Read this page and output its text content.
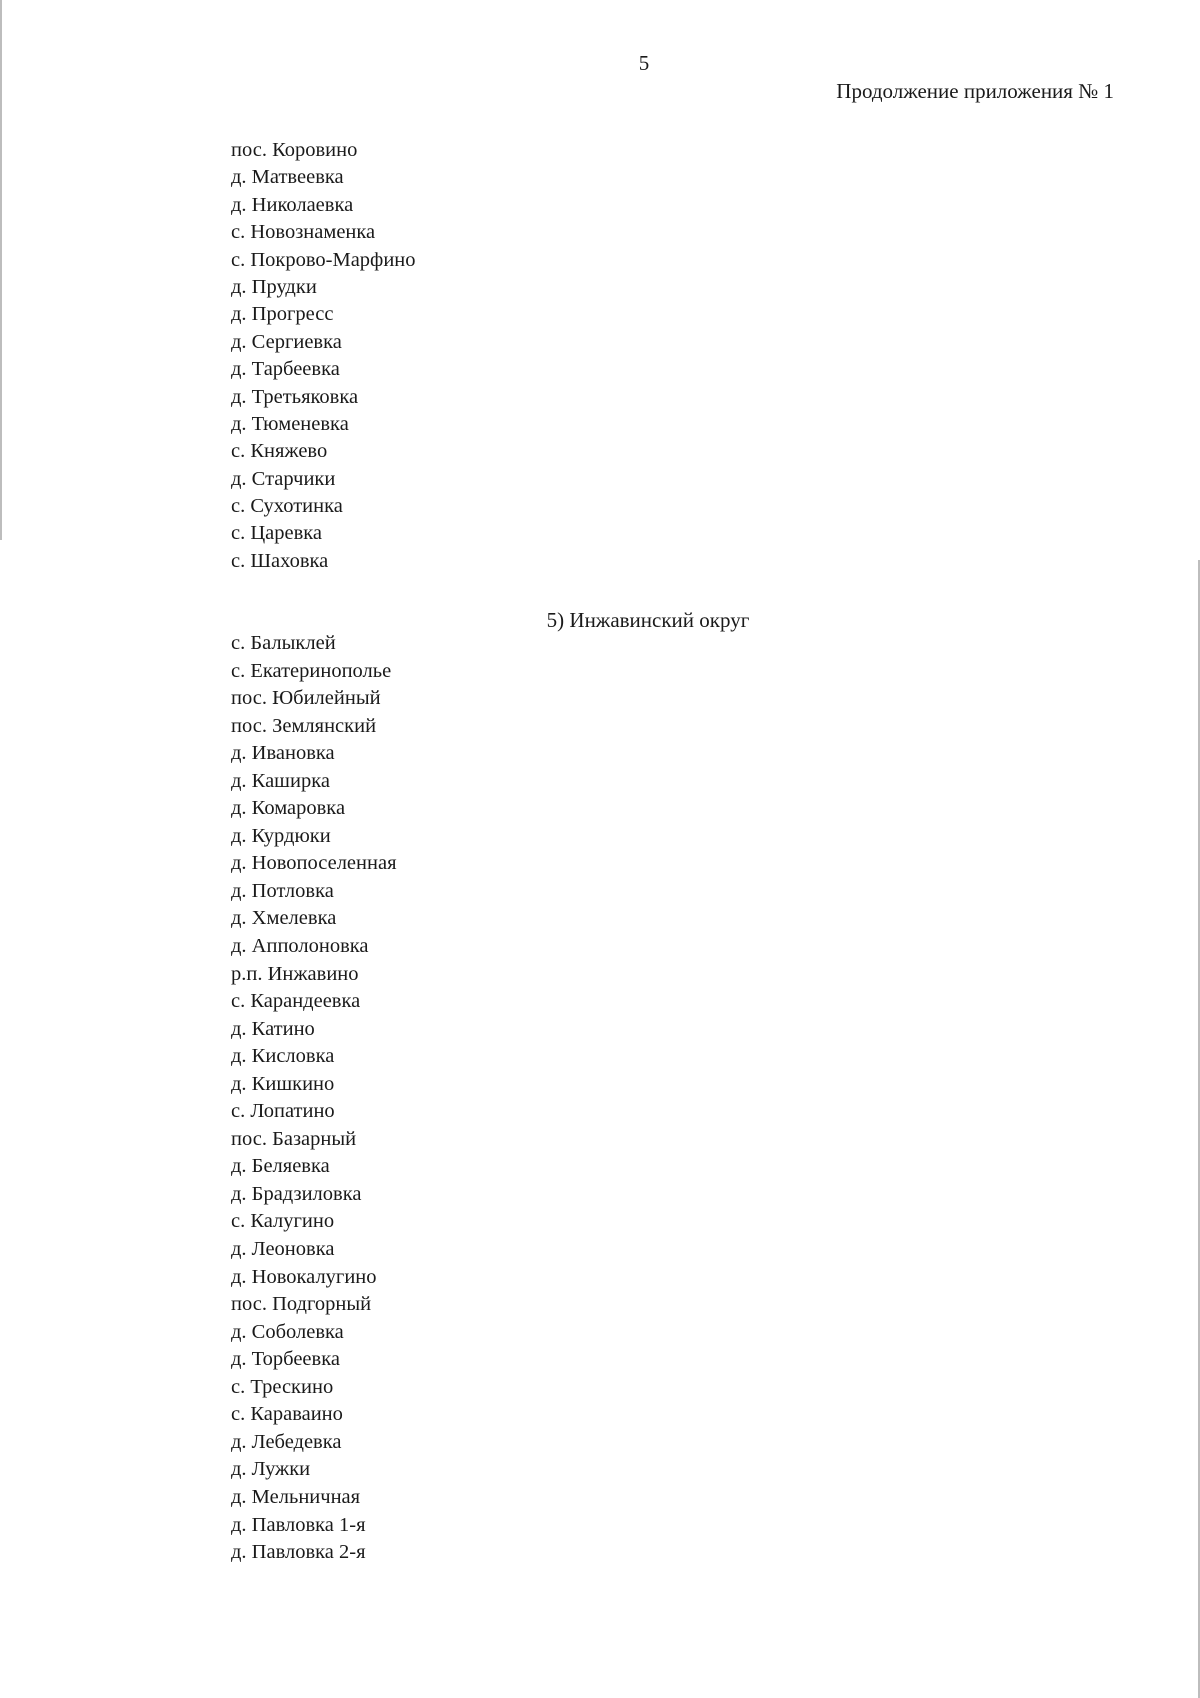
5
Продолжение приложения № 1
пос. Коровино
д. Матвеевка
д. Николаевка
с. Новознаменка
с. Покрово-Марфино
д. Прудки
д. Прогресс
д. Сергиевка
д. Тарбеевка
д. Третьяковка
д. Тюменевка
с. Княжево
д. Старчики
с. Сухотинка
с. Царевка
с. Шаховка
5) Инжавинский округ
с. Балыклей
с. Екатеринополье
пос. Юбилейный
пос. Землянский
д. Ивановка
д. Каширка
д. Комаровка
д. Курдюки
д. Новопоселенная
д. Потловка
д. Хмелевка
д. Апполоновка
р.п. Инжавино
с. Карандеевка
д. Катино
д. Кисловка
д. Кишкино
с. Лопатино
пос. Базарный
д. Беляевка
д. Брадзиловка
с. Калугино
д. Леоновка
д. Новокалугино
пос. Подгорный
д. Соболевка
д. Торбеевка
с. Трескино
с. Караваино
д. Лебедевка
д. Лужки
д. Мельничная
д. Павловка 1-я
д. Павловка 2-я
